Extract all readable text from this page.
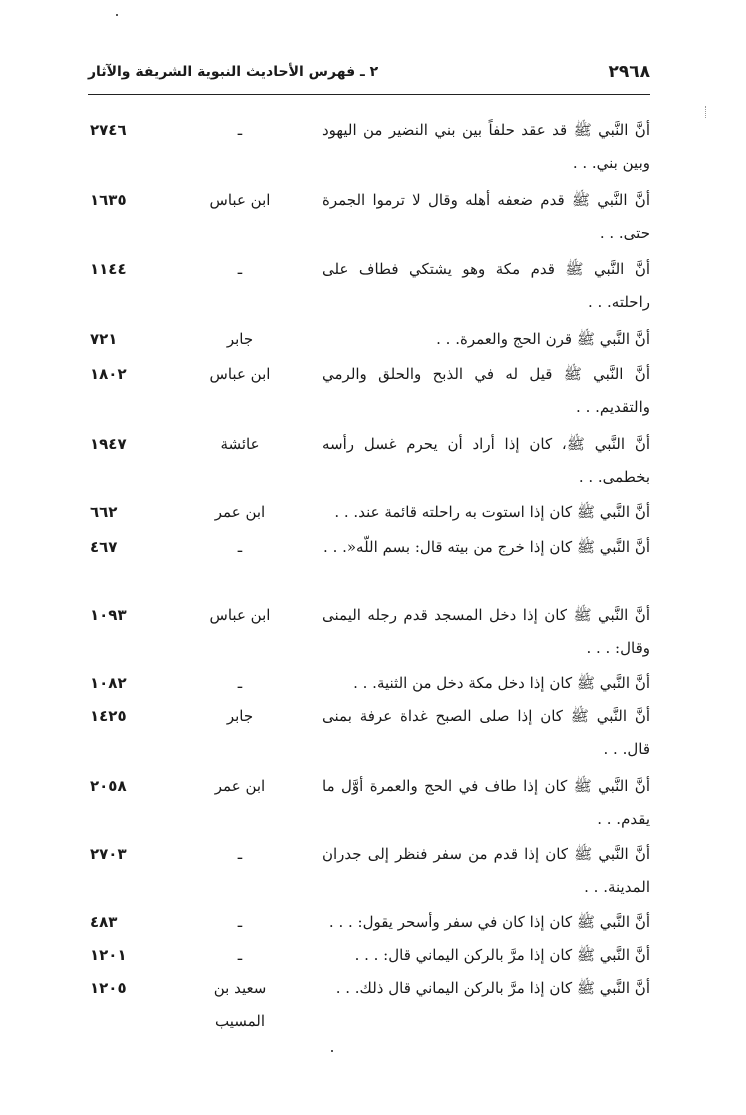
٢٩٦٨
٢ ـ فهرس الأحاديث النبوية الشريفة والآثار
أنَّ النَّبي ﷺ قد عقد حلفاً بين بني النضير من اليهود وبين بني. . .
ـ
٢٧٤٦
أنَّ النَّبي ﷺ قدم ضعفه أهله وقال لا ترموا الجمرة حتى. . .
ابن عباس
١٦٣٥
أنَّ النَّبي ﷺ قدم مكة وهو يشتكي فطاف على راحلته. . .
ـ
١١٤٤
أنَّ النَّبي ﷺ قرن الحج والعمرة. . .
جابر
٧٢١
أنَّ النَّبي ﷺ قيل له في الذبح والحلق والرمي والتقديم. . .
ابن عباس
١٨٠٢
أنَّ النَّبي ﷺ، كان إذا أراد أن يحرم غسل رأسه بخطمى. . .
عائشة
١٩٤٧
أنَّ النَّبي ﷺ كان إذا استوت به راحلته قائمة عند. . .
ابن عمر
٦٦٢
أنَّ النَّبي ﷺ كان إذا خرج من بيته قال: بسم اللّه«. . .
ـ
٤٦٧
أنَّ النَّبي ﷺ كان إذا دخل المسجد قدم رجله اليمنى وقال: . . .
ابن عباس
١٠٩٣
أنَّ النَّبي ﷺ كان إذا دخل مكة دخل من الثنية. . .
ـ
١٠٨٢
أنَّ النَّبي ﷺ كان إذا صلى الصبح غداة عرفة بمنى قال. . .
جابر
١٤٢٥
أنَّ النَّبي ﷺ كان إذا طاف في الحج والعمرة أوَّل ما يقدم. . .
ابن عمر
٢٠٥٨
أنَّ النَّبي ﷺ كان إذا قدم من سفر فنظر إلى جدران المدينة. . .
ـ
٢٧٠٣
أنَّ النَّبي ﷺ كان إذا كان في سفر وأسحر يقول: . . .
ـ
٤٨٣
أنَّ النَّبي ﷺ كان إذا مرَّ بالركن اليماني قال: . . .
ـ
١٢٠١
أنَّ النَّبي ﷺ كان إذا مرَّ بالركن اليماني قال ذلك. . .
سعيد بن المسيب
١٢٠٥
